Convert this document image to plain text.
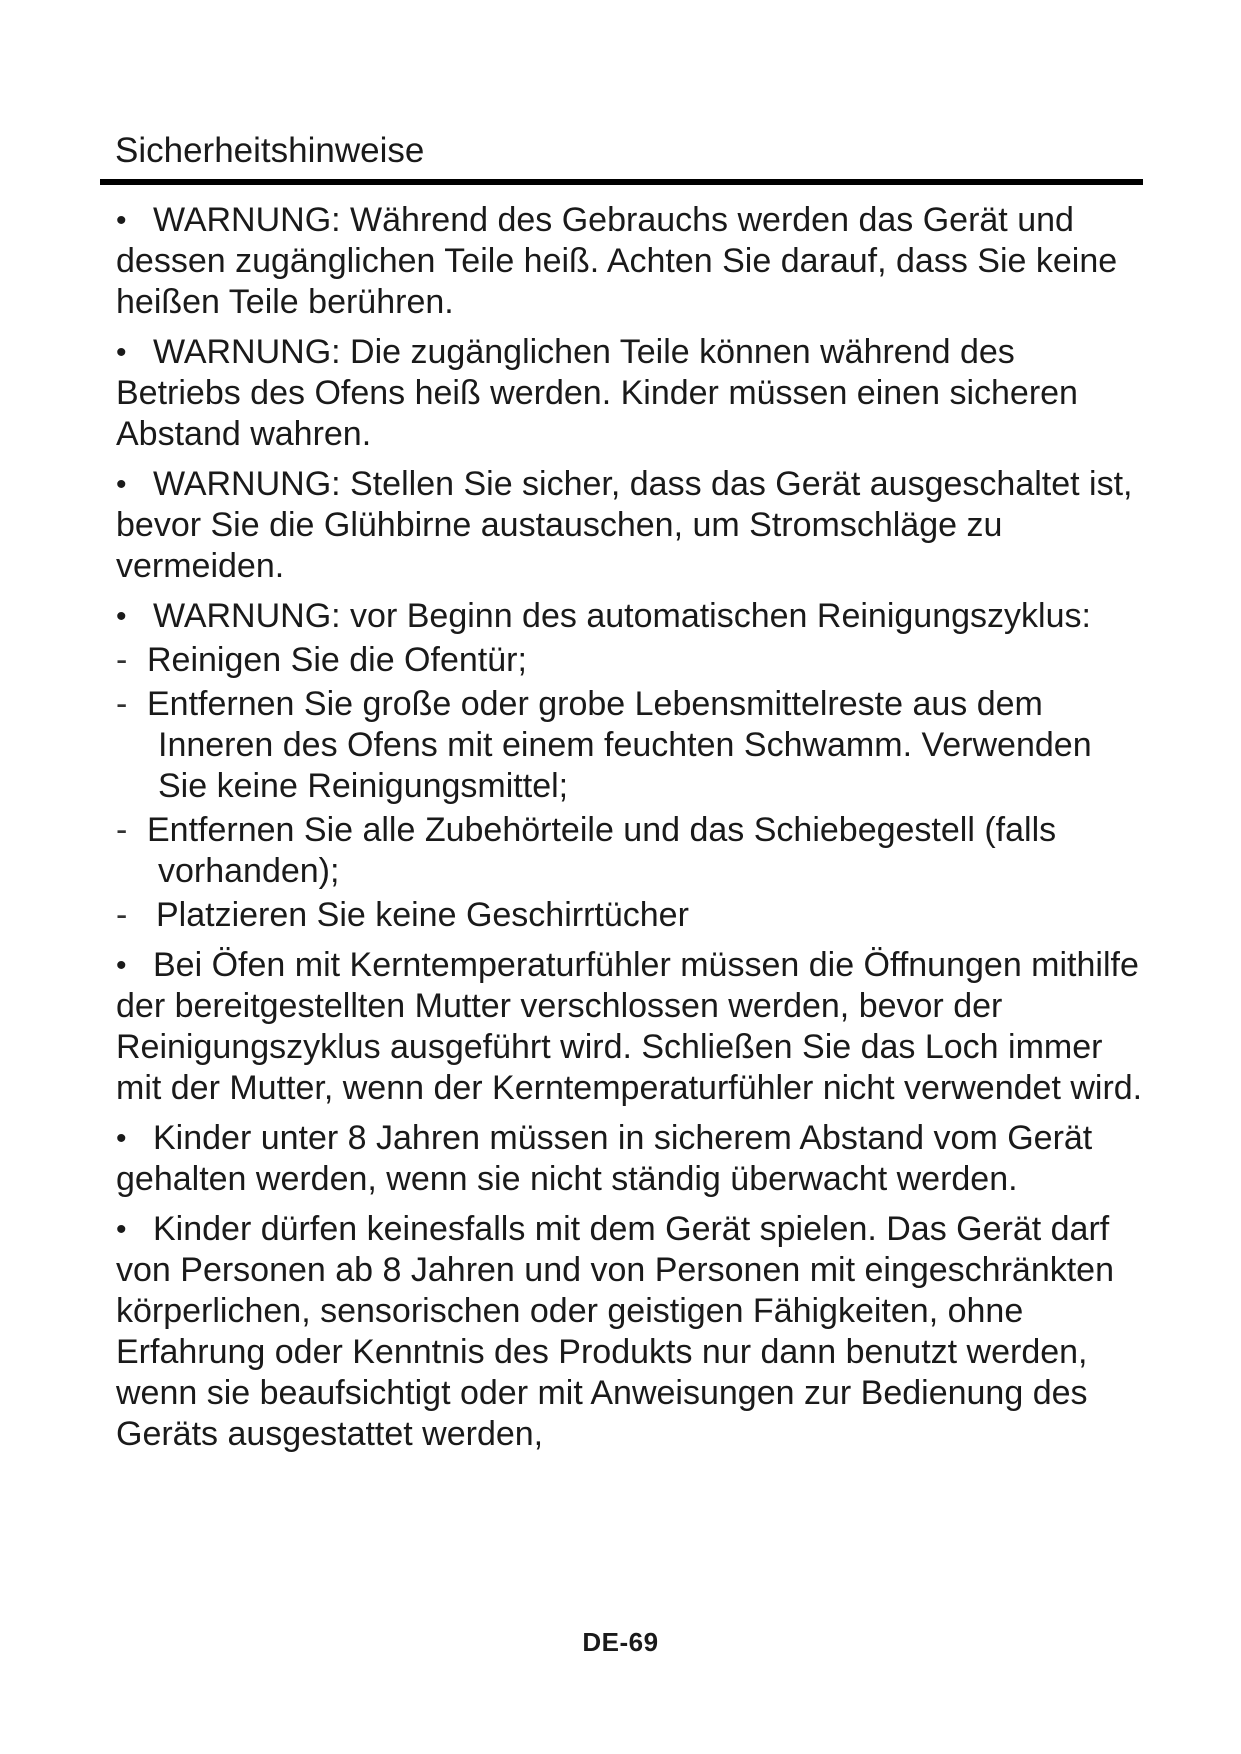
Sicherheitshinweise

• WARNUNG: Während des Gebrauchs werden das Gerät und dessen zugänglichen Teile heiß. Achten Sie darauf, dass Sie keine heißen Teile berühren.

• WARNUNG: Die zugänglichen Teile können während des Betriebs des Ofens heiß werden. Kinder müssen einen sicheren Abstand wahren.

• WARNUNG: Stellen Sie sicher, dass das Gerät ausgeschaltet ist, bevor Sie die Glühbirne austauschen, um Stromschläge zu vermeiden.

• WARNUNG: vor Beginn des automatischen Reinigungszyklus:

- Reinigen Sie die Ofentür;

- Entfernen Sie große oder grobe Lebensmittelreste aus dem Inneren des Ofens mit einem feuchten Schwamm. Verwenden Sie keine Reinigungsmittel;

- Entfernen Sie alle Zubehörteile und das Schiebegestell (falls vorhanden);

- Platzieren Sie keine Geschirrtücher

• Bei Öfen mit Kerntemperaturfühler müssen die Öffnungen mithilfe der bereitgestellten Mutter verschlossen werden, bevor der Reinigungszyklus ausgeführt wird. Schließen Sie das Loch immer mit der Mutter, wenn der Kerntemperaturfühler nicht verwendet wird.

• Kinder unter 8 Jahren müssen in sicherem Abstand vom Gerät gehalten werden, wenn sie nicht ständig überwacht werden.

• Kinder dürfen keinesfalls mit dem Gerät spielen. Das Gerät darf von Personen ab 8 Jahren und von Personen mit eingeschränkten körperlichen, sensorischen oder geistigen Fähigkeiten, ohne Erfahrung oder Kenntnis des Produkts nur dann benutzt werden, wenn sie beaufsichtigt oder mit Anweisungen zur Bedienung des Geräts ausgestattet werden,

DE-69
